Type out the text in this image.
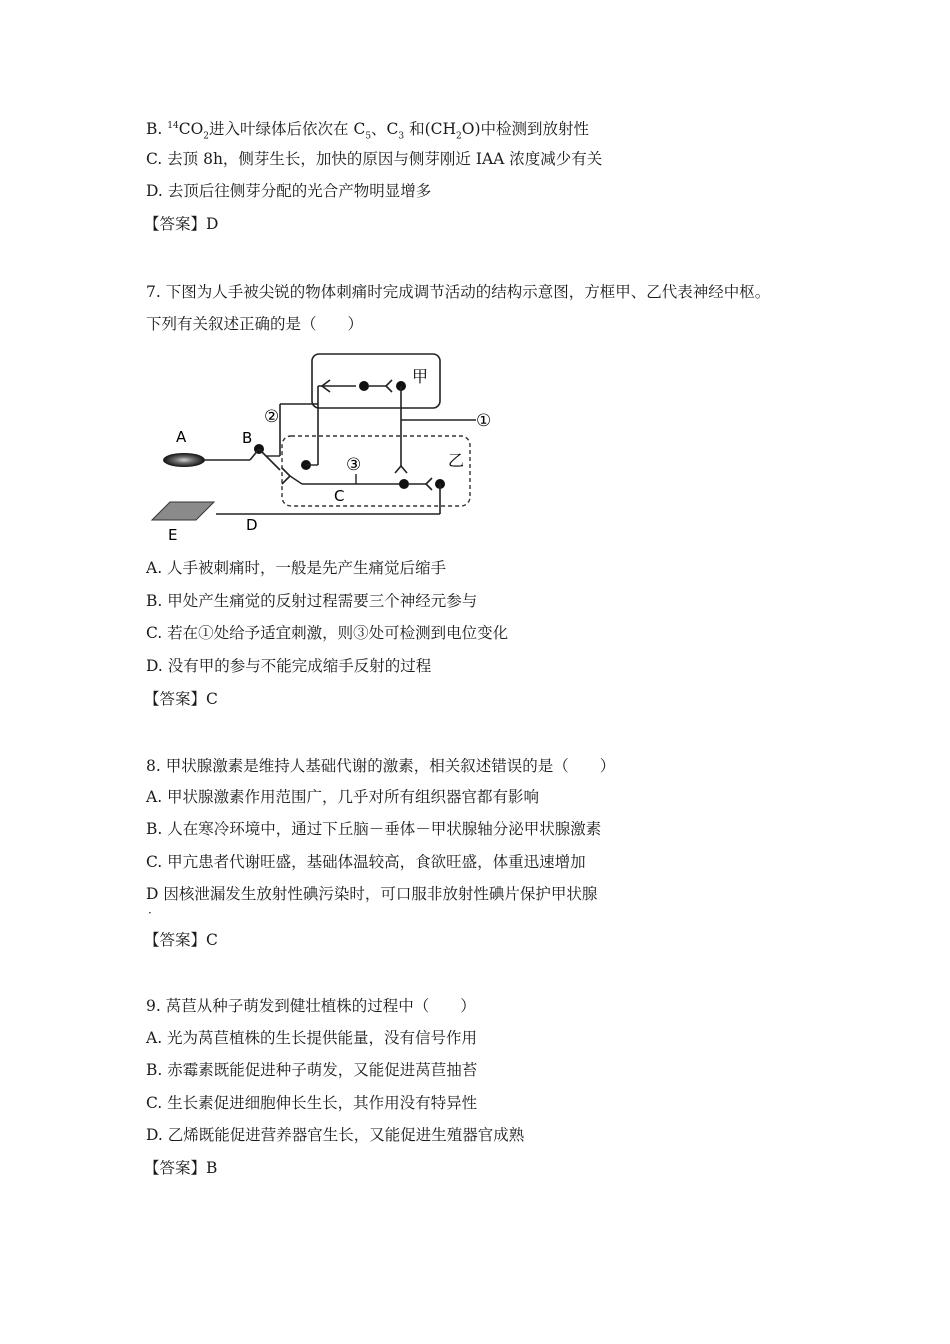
B. $^{14}CO_2$进入叶绿体后依次在 $C_5$、$C_3$ 和$(CH_2O)$中检测到放射性
C. 去顶 8h，侧芽生长，加快的原因与侧芽刚近 IAA 浓度减少有关
D. 去顶后往侧芽分配的光合产物明显增多
【答案】D
7. 下图为人手被尖锐的物体刺痛时完成调节活动的结构示意图，方框甲、乙代表神经中枢。
下列有关叙述正确的是（　　）
A	B
C
D
E
甲
乙
①
②
③
A. 人手被刺痛时，一般是先产生痛觉后缩手
B. 甲处产生痛觉的反射过程需要三个神经元参与
C. 若在①处给予适宜刺激，则③处可检测到电位变化
D. 没有甲的参与不能完成缩手反射的过程
【答案】C
8. 甲状腺激素是维持人基础代谢的激素，相关叙述错误的是（　　）
A. 甲状腺激素作用范围广，几乎对所有组织器官都有影响
B. 人在寒冷环境中，通过下丘脑－垂体－甲状腺轴分泌甲状腺激素
C. 甲亢患者代谢旺盛，基础体温较高，食欲旺盛，体重迅速增加
D 因核泄漏发生放射性碘污染时，可口服非放射性碘片保护甲状腺
·
【答案】C
9. 莴苣从种子萌发到健壮植株的过程中（　　）
A. 光为莴苣植株的生长提供能量，没有信号作用
B. 赤霉素既能促进种子萌发，又能促进莴苣抽苔
C. 生长素促进细胞伸长生长，其作用没有特异性
D. 乙烯既能促进营养器官生长，又能促进生殖器官成熟
【答案】B
